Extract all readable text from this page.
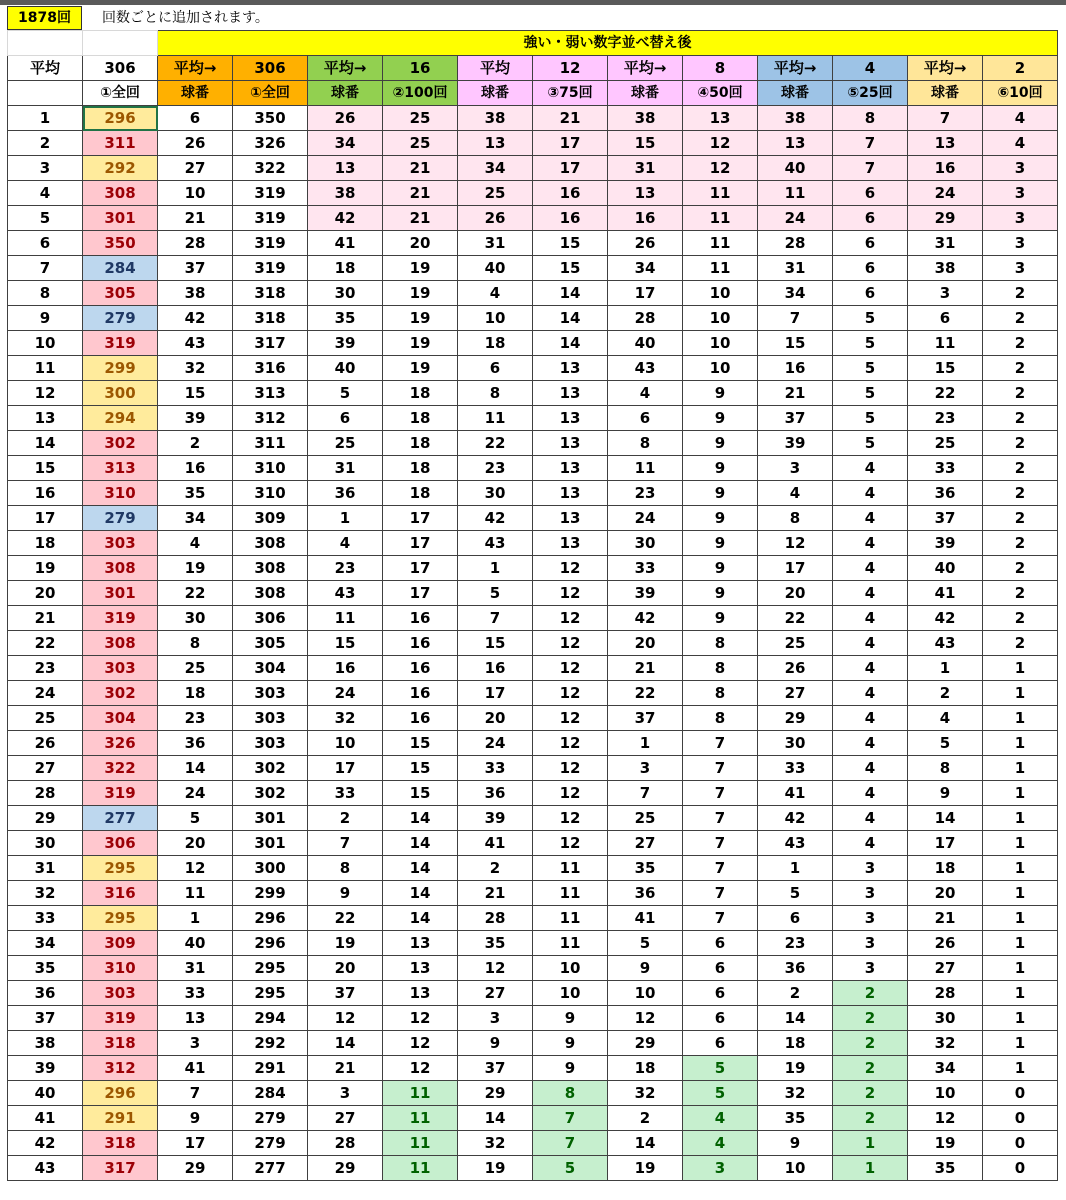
1878回	回数ごとに追加されます。
		強い・弱い数字並べ替え後											
平均	306	平均→	306	平均→	16	平均	12	平均→	8	平均→	4	平均→	2
	①全回	球番	①全回	球番	②100回	球番	③75回	球番	④50回	球番	⑤25回	球番	⑥10回
1	296	6	350	26	25	38	21	38	13	38	8	7	4
2	311	26	326	34	25	13	17	15	12	13	7	13	4
3	292	27	322	13	21	34	17	31	12	40	7	16	3
4	308	10	319	38	21	25	16	13	11	11	6	24	3
5	301	21	319	42	21	26	16	16	11	24	6	29	3
6	350	28	319	41	20	31	15	26	11	28	6	31	3
7	284	37	319	18	19	40	15	34	11	31	6	38	3
8	305	38	318	30	19	4	14	17	10	34	6	3	2
9	279	42	318	35	19	10	14	28	10	7	5	6	2
10	319	43	317	39	19	18	14	40	10	15	5	11	2
11	299	32	316	40	19	6	13	43	10	16	5	15	2
12	300	15	313	5	18	8	13	4	9	21	5	22	2
13	294	39	312	6	18	11	13	6	9	37	5	23	2
14	302	2	311	25	18	22	13	8	9	39	5	25	2
15	313	16	310	31	18	23	13	11	9	3	4	33	2
16	310	35	310	36	18	30	13	23	9	4	4	36	2
17	279	34	309	1	17	42	13	24	9	8	4	37	2
18	303	4	308	4	17	43	13	30	9	12	4	39	2
19	308	19	308	23	17	1	12	33	9	17	4	40	2
20	301	22	308	43	17	5	12	39	9	20	4	41	2
21	319	30	306	11	16	7	12	42	9	22	4	42	2
22	308	8	305	15	16	15	12	20	8	25	4	43	2
23	303	25	304	16	16	16	12	21	8	26	4	1	1
24	302	18	303	24	16	17	12	22	8	27	4	2	1
25	304	23	303	32	16	20	12	37	8	29	4	4	1
26	326	36	303	10	15	24	12	1	7	30	4	5	1
27	322	14	302	17	15	33	12	3	7	33	4	8	1
28	319	24	302	33	15	36	12	7	7	41	4	9	1
29	277	5	301	2	14	39	12	25	7	42	4	14	1
30	306	20	301	7	14	41	12	27	7	43	4	17	1
31	295	12	300	8	14	2	11	35	7	1	3	18	1
32	316	11	299	9	14	21	11	36	7	5	3	20	1
33	295	1	296	22	14	28	11	41	7	6	3	21	1
34	309	40	296	19	13	35	11	5	6	23	3	26	1
35	310	31	295	20	13	12	10	9	6	36	3	27	1
36	303	33	295	37	13	27	10	10	6	2	2	28	1
37	319	13	294	12	12	3	9	12	6	14	2	30	1
38	318	3	292	14	12	9	9	29	6	18	2	32	1
39	312	41	291	21	12	37	9	18	5	19	2	34	1
40	296	7	284	3	11	29	8	32	5	32	2	10	0
41	291	9	279	27	11	14	7	2	4	35	2	12	0
42	318	17	279	28	11	32	7	14	4	9	1	19	0
43	317	29	277	29	11	19	5	19	3	10	1	35	0
